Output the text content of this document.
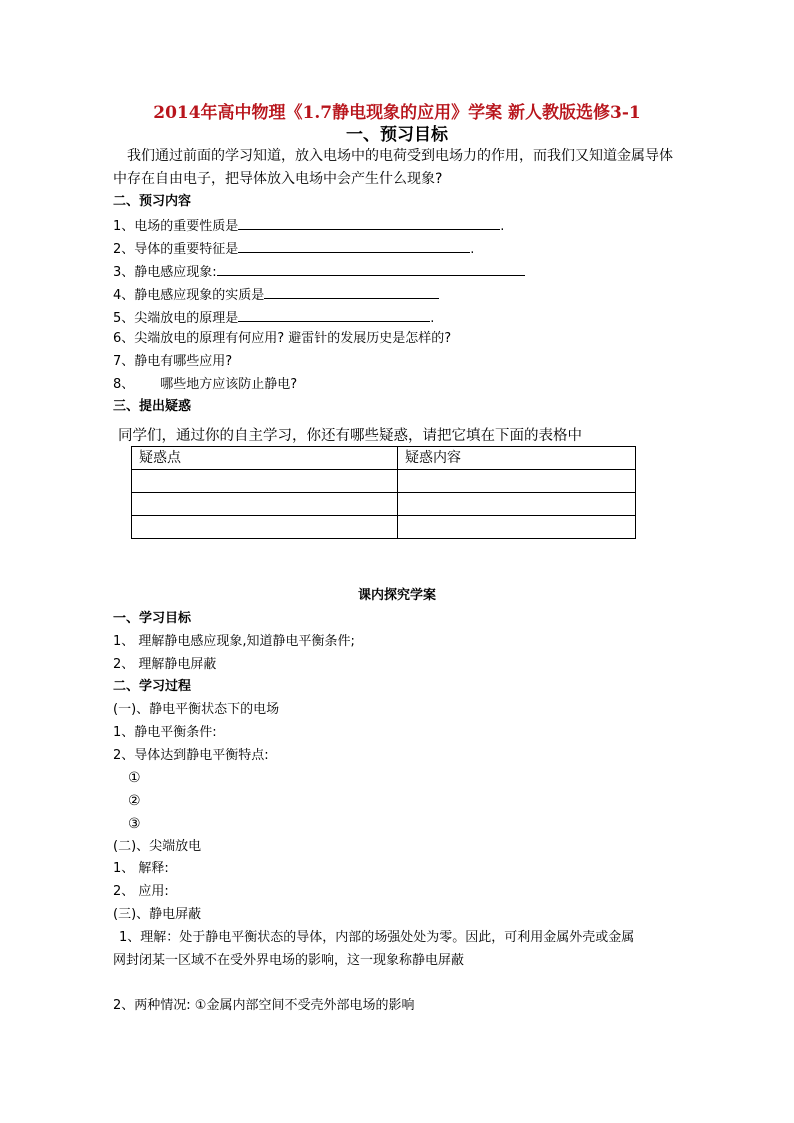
2014年高中物理《1.7静电现象的应用》学案 新人教版选修3-1
一、预习目标
我们通过前面的学习知道，放入电场中的电荷受到电场力的作用，而我们又知道金属导体
中存在自由电子，把导体放入电场中会产生什么现象?
二、预习内容
1、电场的重要性质是	.
2、导体的重要特征是	.
3、静电感应现象:
4、静电感应现象的实质是
5、尖端放电的原理是	.
6、尖端放电的原理有何应用? 避雷针的发展历史是怎样的?
7、静电有哪些应用?
8、 哪些地方应该防止静电?
三、提出疑惑
同学们，通过你的自主学习，你还有哪些疑惑，请把它填在下面的表格中
疑惑点	疑惑内容

课内探究学案
一、学习目标
1、 理解静电感应现象,知道静电平衡条件;
2、 理解静电屏蔽
二、学习过程
(一)、静电平衡状态下的电场
1、静电平衡条件:
2、导体达到静电平衡特点:
①
②
③
(二)、尖端放电
1、 解释:
2、 应用:
(三)、静电屏蔽
1、理解：处于静电平衡状态的导体，内部的场强处处为零。因此，可利用金属外壳或金属
网封闭某一区域不在受外界电场的影响，这一现象称静电屏蔽
2、两种情况: ①金属内部空间不受壳外部电场的影响
